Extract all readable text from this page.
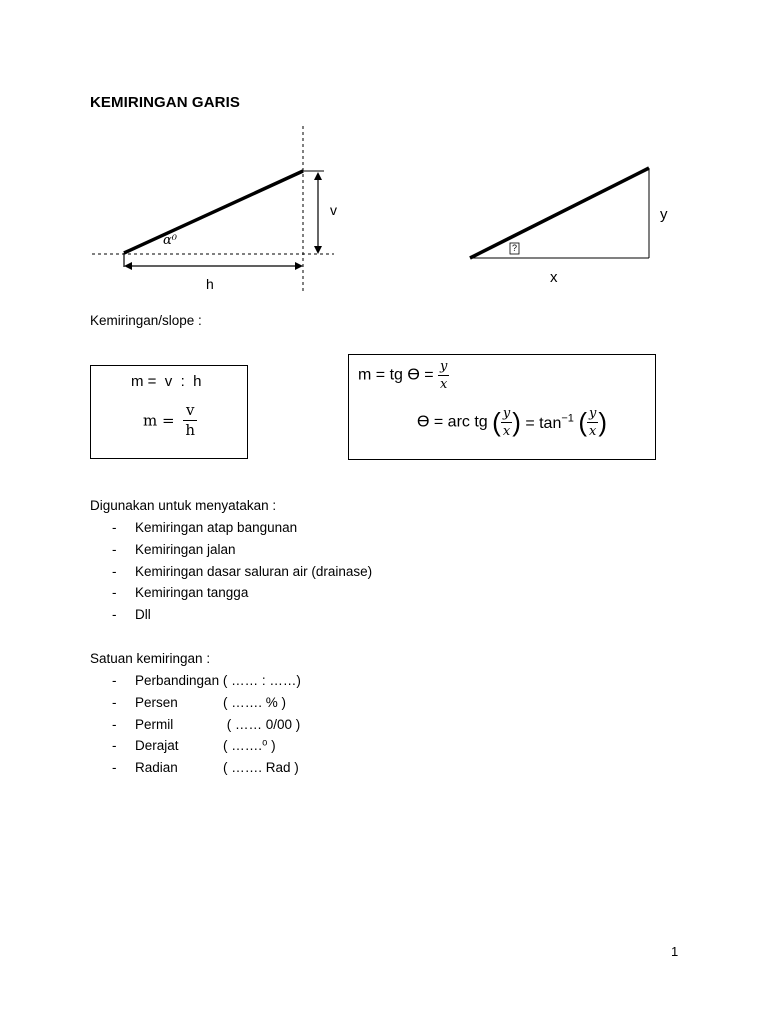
KEMIRINGAN GARIS
α⁰
v
h
?
y
x
Kemiringan/slope :
m =  v  :  h
$m = \frac{v}{h}$
m = tg $ϴ = \frac{y}{x}$
ϴ = arc tg ( $\frac{y}{x}$ ) = $\tan^{-1}$ ( $\frac{y}{x}$ )
Digunakan untuk menyatakan :
- Kemiringan atap bangunan
- Kemiringan jalan
- Kemiringan dasar saluran air (drainase)
- Kemiringan tangga
- Dll
Satuan kemiringan :
- Perbandingan ( …… : ……)
- Persen	( ……. % )
- Permil	( …… 0/00 )
- Derajat	( …….⁰ )
- Radian	( ……. Rad )
1
